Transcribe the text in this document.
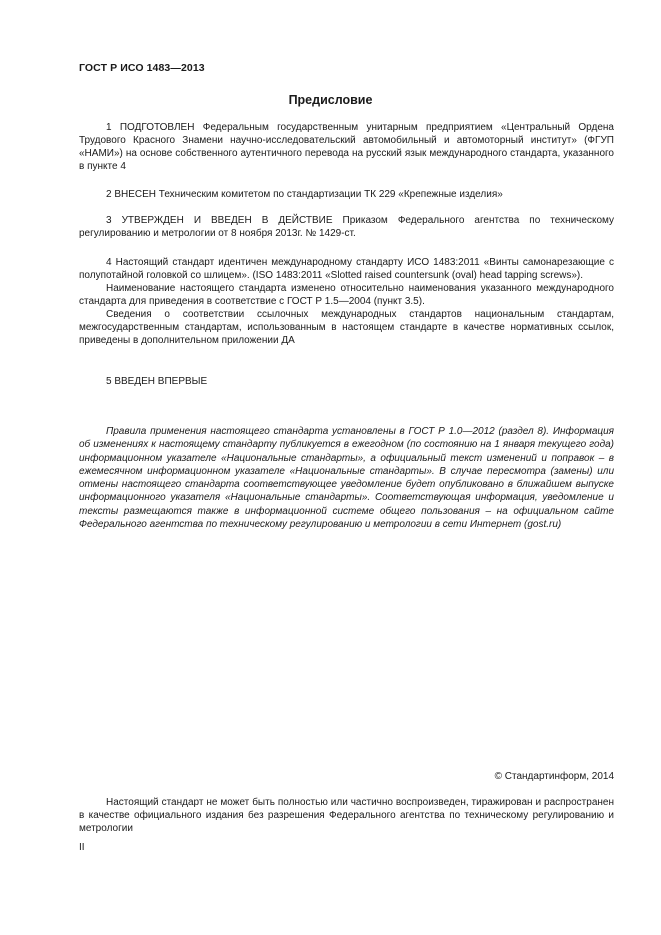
ГОСТ Р ИСО 1483—2013
Предисловие

1 ПОДГОТОВЛЕН Федеральным государственным унитарным предприятием «Центральный Ордена Трудового Красного Знамени научно-исследовательский автомобильный и автомоторный институт» (ФГУП «НАМИ») на основе собственного аутентичного перевода на русский язык международного стандарта, указанного в пункте 4

2 ВНЕСЕН Техническим комитетом по стандартизации ТК 229 «Крепежные изделия»

3 УТВЕРЖДЕН И ВВЕДЕН В ДЕЙСТВИЕ Приказом Федерального агентства по техническому регулированию и метрологии от 8 ноября 2013г. № 1429-ст.

4 Настоящий стандарт идентичен международному стандарту ИСО 1483:2011 «Винты самонарезающие с полупотайной головкой со шлицем». (ISO 1483:2011 «Slotted raised countersunk (oval) head tapping screws»).

Наименование настоящего стандарта изменено относительно наименования указанного международного стандарта для приведения в соответствие с ГОСТ Р 1.5—2004 (пункт 3.5).

Сведения о соответствии ссылочных международных стандартов национальным стандартам, межгосударственным стандартам, использованным в настоящем стандарте в качестве нормативных ссылок, приведены в дополнительном приложении ДА

5 ВВЕДЕН ВПЕРВЫЕ

Правила применения настоящего стандарта установлены в ГОСТ Р 1.0—2012 (раздел 8). Информация об изменениях к настоящему стандарту публикуется в ежегодном (по состоянию на 1 января текущего года) информационном указателе «Национальные стандарты», а официальный текст изменений и поправок – в ежемесячном информационном указателе «Национальные стандарты». В случае пересмотра (замены) или отмены настоящего стандарта соответствующее уведомление будет опубликовано в ближайшем выпуске информационного указателя «Национальные стандарты». Соответствующая информация, уведомление и тексты размещаются также в информационной системе общего пользования – на официальном сайте Федерального агентства по техническому регулированию и метрологии в сети Интернет (gost.ru)

© Стандартинформ, 2014

Настоящий стандарт не может быть полностью или частично воспроизведен, тиражирован и распространен в качестве официального издания без разрешения Федерального агентства по техническому регулированию и метрологии

II
